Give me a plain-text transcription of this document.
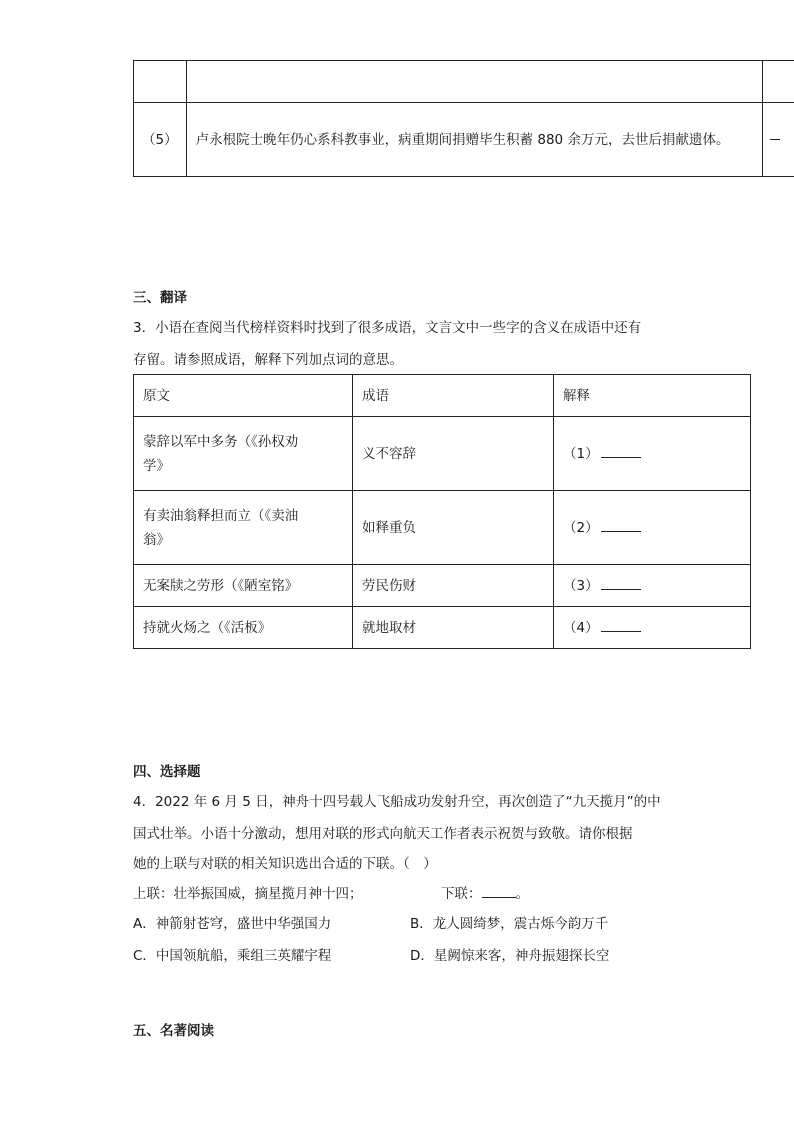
（5）	卢永根院士晚年仍心系科教事业，病重期间捐赠毕生积蓄 880 余万元，去世后捐献遗体。	
三、翻译
3．小语在查阅当代榜样资料时找到了很多成语，文言文中一些字的含义在成语中还有
存留。请参照成语，解释下列加点词的意思。
原文	成语	解释
蒙辞以军中多务（《孙权劝
学》	义不容辞	（1）
有卖油翁释担而立（《卖油
翁》	如释重负	（2）
无案牍之劳形（《陋室铭》	劳民伤财	（3）
持就火炀之（《活板》	就地取材	（4）
四、选择题
4．2022 年 6 月 5 日，神舟十四号载人飞船成功发射升空，再次创造了“九天揽月”的中
国式壮举。小语十分激动，想用对联的形式向航天工作者表示祝贺与致敬。请你根据
她的上联与对联的相关知识选出合适的下联。（　）
上联：壮举振国威，摘星揽月神十四；	下联：	。
A．神箭射苍穹，盛世中华强国力	B．龙人圆绮梦，震古烁今韵万千
C．中国领航船，乘组三英耀宇程	D．星阙惊来客，神舟振翅探长空
五、名著阅读
